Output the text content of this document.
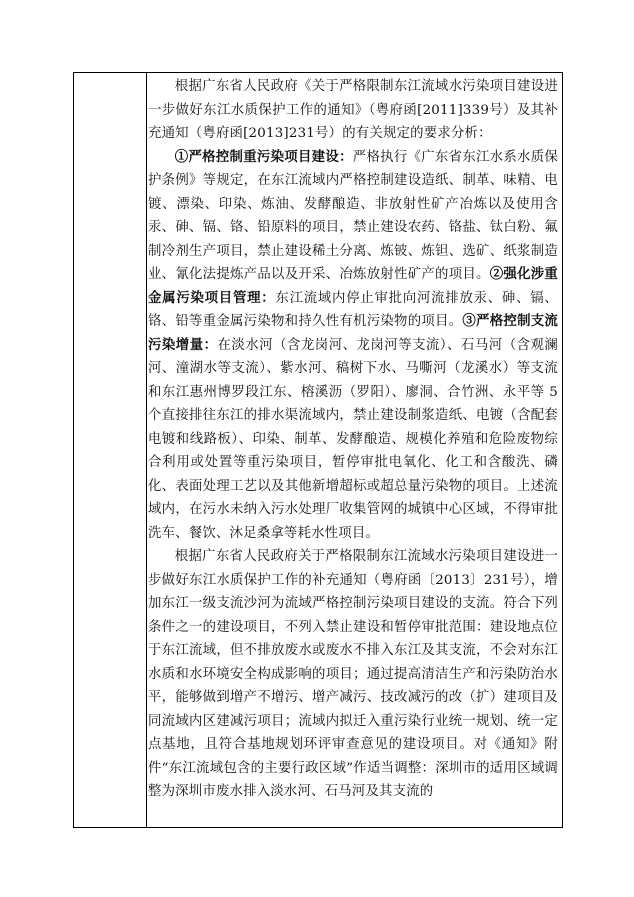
根据广东省人民政府《关于严格限制东江流域水污染项目建设进一步做好东江水质保护工作的通知》（粤府函[2011]339号）及其补充通知（粤府函[2013]231号）的有关规定的要求分析：

①严格控制重污染项目建设：严格执行《广东省东江水系水质保护条例》等规定，在东江流域内严格控制建设造纸、制革、味精、电镀、漂染、印染、炼油、发酵酿造、非放射性矿产冶炼以及使用含汞、砷、镉、铬、铅原料的项目，禁止建设农药、铬盐、钛白粉、氟制冷剂生产项目，禁止建设稀土分离、炼铍、炼钽、选矿、纸浆制造业、氰化法提炼产品以及开采、冶炼放射性矿产的项目。②强化涉重金属污染项目管理：东江流域内停止审批向河流排放汞、砷、镉、铬、铅等重金属污染物和持久性有机污染物的项目。③严格控制支流污染增量：在淡水河（含龙岗河、龙岗河等支流）、石马河（含观澜河、潼湖水等支流）、紫水河、稿树下水、马嘶河（龙溪水）等支流和东江惠州博罗段江东、榕溪沥（罗阳）、廖洞、合竹洲、永平等 5 个直接排往东江的排水渠流域内，禁止建设制浆造纸、电镀（含配套电镀和线路板）、印染、制革、发酵酿造、规模化养殖和危险废物综合利用或处置等重污染项目，暂停审批电氧化、化工和含酸洗、磷化、表面处理工艺以及其他新增超标或超总量污染物的项目。上述流域内，在污水未纳入污水处理厂收集管网的城镇中心区域，不得审批洗车、餐饮、沐足桑拿等耗水性项目。

根据广东省人民政府关于严格限制东江流域水污染项目建设进一步做好东江水质保护工作的补充通知（粤府函〔2013〕231号），增加东江一级支流沙河为流域严格控制污染项目建设的支流。符合下列条件之一的建设项目，不列入禁止建设和暂停审批范围：建设地点位于东江流域，但不排放废水或废水不排入东江及其支流，不会对东江水质和水环境安全构成影响的项目；通过提高清洁生产和污染防治水平，能够做到增产不增污、增产减污、技改减污的改（扩）建项目及同流域内区建减污项目；流域内拟迁入重污染行业统一规划、统一定点基地，且符合基地规划环评审查意见的建设项目。对《通知》附件“东江流域包含的主要行政区域”作适当调整：深圳市的适用区域调整为深圳市废水排入淡水河、石马河及其支流的
